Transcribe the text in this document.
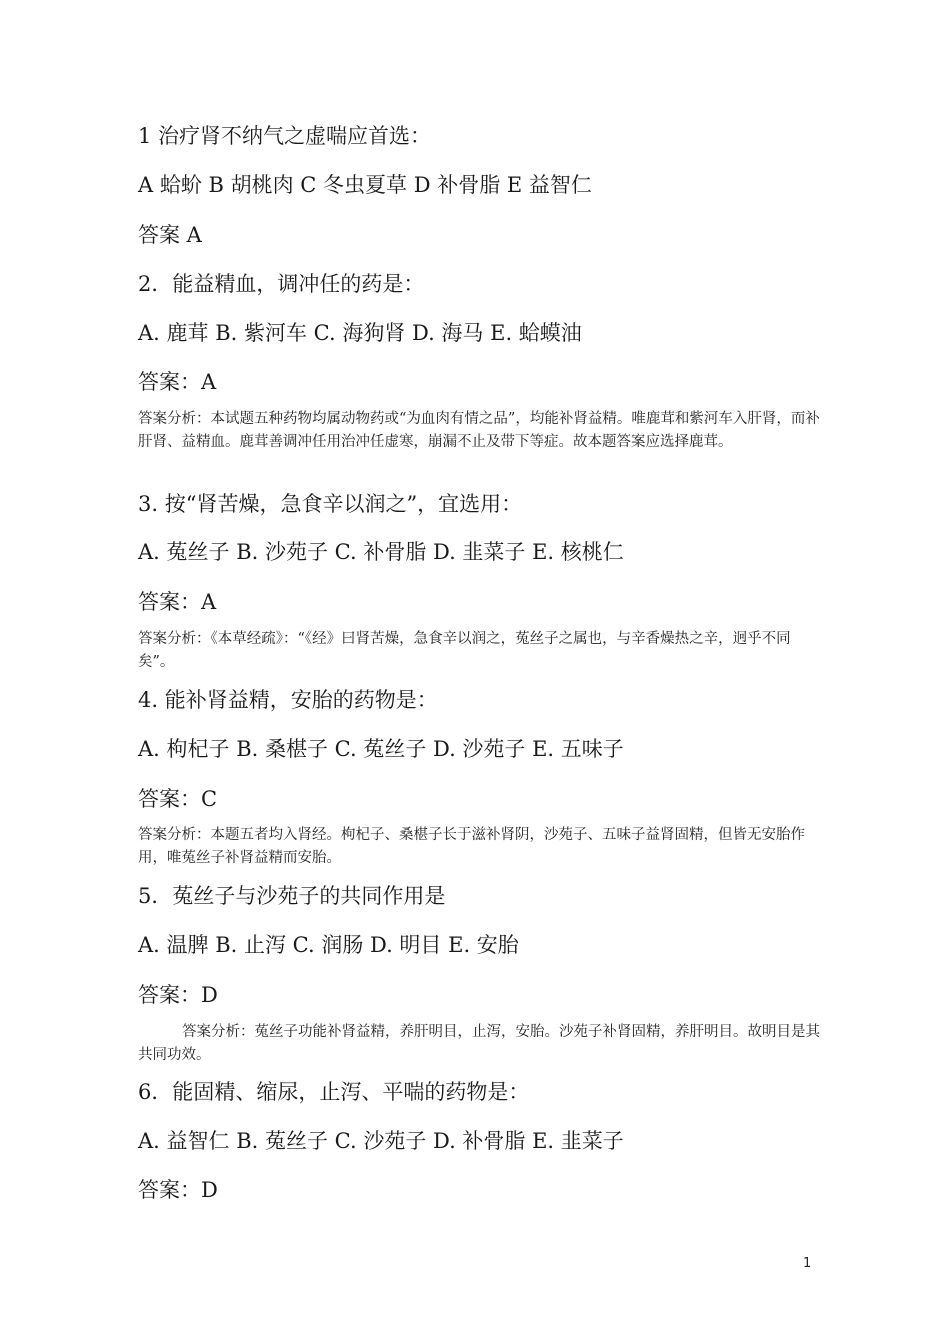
1 治疗肾不纳气之虚喘应首选：
A 蛤蚧 B 胡桃肉 C 冬虫夏草 D 补骨脂 E 益智仁
答案 A
2．能益精血，调冲任的药是：
A. 鹿茸 B. 紫河车 C. 海狗肾 D. 海马 E. 蛤蟆油
答案：A
答案分析：本试题五种药物均属动物药或“为血肉有情之品”，均能补肾益精。唯鹿茸和紫河车入肝肾，而补肝肾、益精血。鹿茸善调冲任用治冲任虚寒，崩漏不止及带下等症。故本题答案应选择鹿茸。
3. 按“肾苦燥，急食辛以润之”，宜选用：
A. 菟丝子 B. 沙苑子 C. 补骨脂 D. 韭菜子 E. 核桃仁
答案：A
答案分析：《本草经疏》：“《经》曰肾苦燥，急食辛以润之，菟丝子之属也，与辛香燥热之辛，迥乎不同矣”。
4. 能补肾益精，安胎的药物是：
A. 枸杞子 B. 桑椹子 C. 菟丝子 D. 沙苑子 E. 五味子
答案：C
答案分析：本题五者均入肾经。枸杞子、桑椹子长于滋补肾阴，沙苑子、五味子益肾固精，但皆无安胎作用，唯菟丝子补肾益精而安胎。
5．菟丝子与沙苑子的共同作用是
A. 温脾 B. 止泻 C. 润肠 D. 明目 E. 安胎
答案：D
答案分析：菟丝子功能补肾益精，养肝明目，止泻，安胎。沙苑子补肾固精，养肝明目。故明目是其共同功效。
6．能固精、缩尿，止泻、平喘的药物是：
A. 益智仁 B. 菟丝子 C. 沙苑子 D. 补骨脂 E. 韭菜子
答案：D
1
